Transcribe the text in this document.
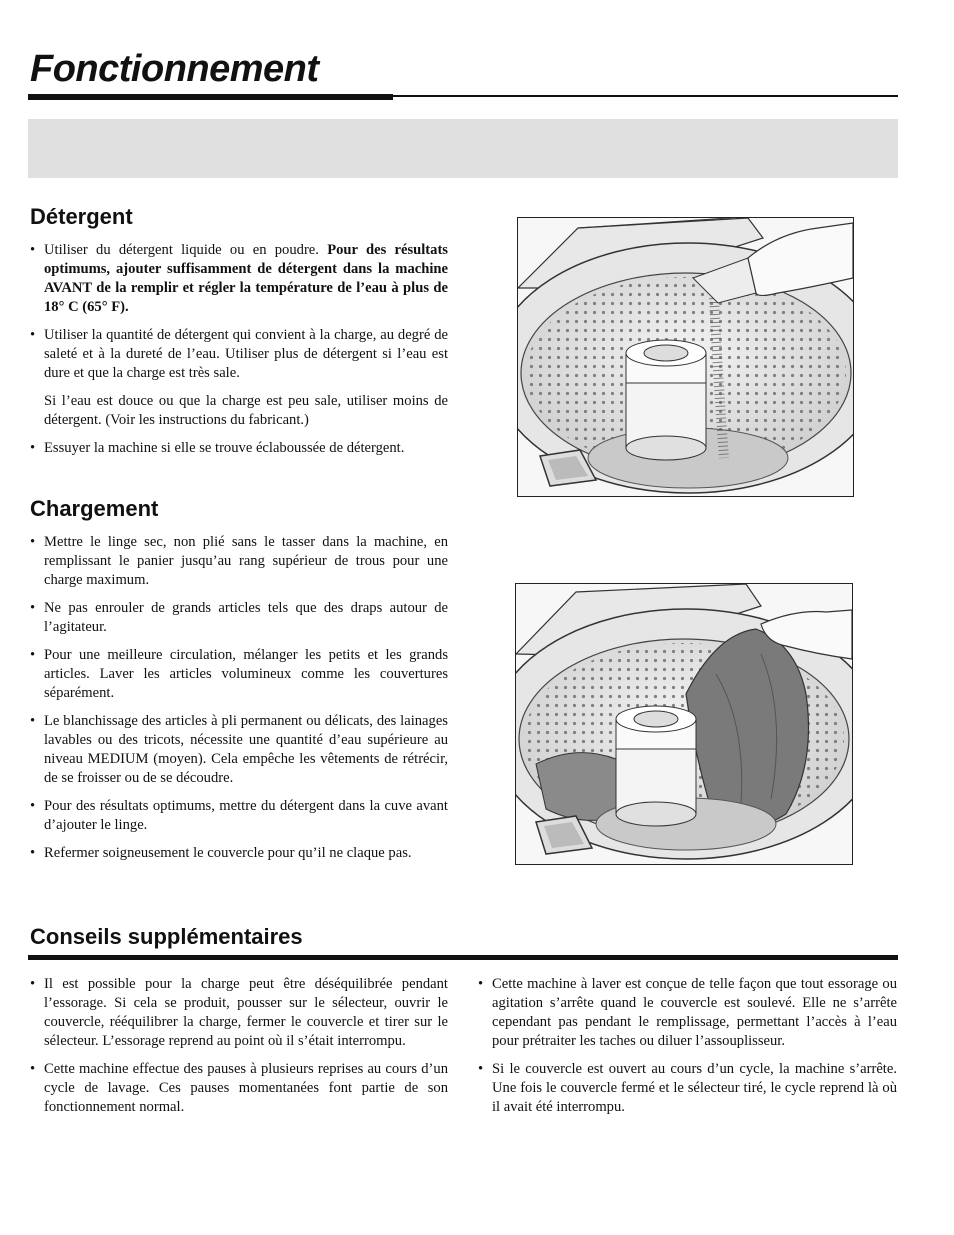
Fonctionnement
Détergent

• Utiliser du détergent liquide ou en poudre. Pour des résultats optimums, ajouter suffisamment de détergent dans la machine AVANT de la remplir et régler la température de l’eau à plus de 18° C (65° F).

• Utiliser la quantité de détergent qui convient à la charge, au degré de saleté et à la dureté de l’eau. Utiliser plus de détergent si l’eau est dure et que la charge est très sale.

Si l’eau est douce ou que la charge est peu sale, utiliser moins de détergent. (Voir les instructions du fabricant.)

• Essuyer la machine si elle se trouve éclaboussée de détergent.

Chargement

• Mettre le linge sec, non plié sans le tasser dans la machine, en remplissant le panier jusqu’au rang supérieur de trous pour une charge maximum.

• Ne pas enrouler de grands articles tels que des draps autour de l’agitateur.

• Pour une meilleure circulation, mélanger les petits et les grands articles. Laver les articles volumineux comme les couvertures séparément.

• Le blanchissage des articles à pli permanent ou délicats, des lainages lavables ou des tricots, nécessite une quantité d’eau supérieure au niveau MEDIUM (moyen). Cela empêche les vêtements de rétrécir, de se froisser ou de se découdre.

• Pour des résultats optimums, mettre du détergent dans la cuve avant d’ajouter le linge.

• Refermer soigneusement le couvercle pour qu’il ne claque pas.

Conseils supplémentaires

• Il est possible pour la charge peut être déséquilibrée pendant l’essorage. Si cela se produit, pousser sur le sélecteur, ouvrir le couvercle, rééquilibrer la charge, fermer le couvercle et tirer sur le sélecteur. L’essorage reprend au point où il s’était interrompu.

• Cette machine effectue des pauses à plusieurs reprises au cours d’un cycle de lavage. Ces pauses momentanées font partie de son fonctionnement normal.

• Cette machine à laver est conçue de telle façon que tout essorage ou agitation s’arrête quand le couvercle est soulevé. Elle ne s’arrête cependant pas pendant le remplissage, permettant l’accès à l’eau pour prétraiter les taches ou diluer l’assouplisseur.

• Si le couvercle est ouvert au cours d’un cycle, la machine s’arrête. Une fois le couvercle fermé et le sélecteur tiré, le cycle reprend là où il avait été interrompu.
